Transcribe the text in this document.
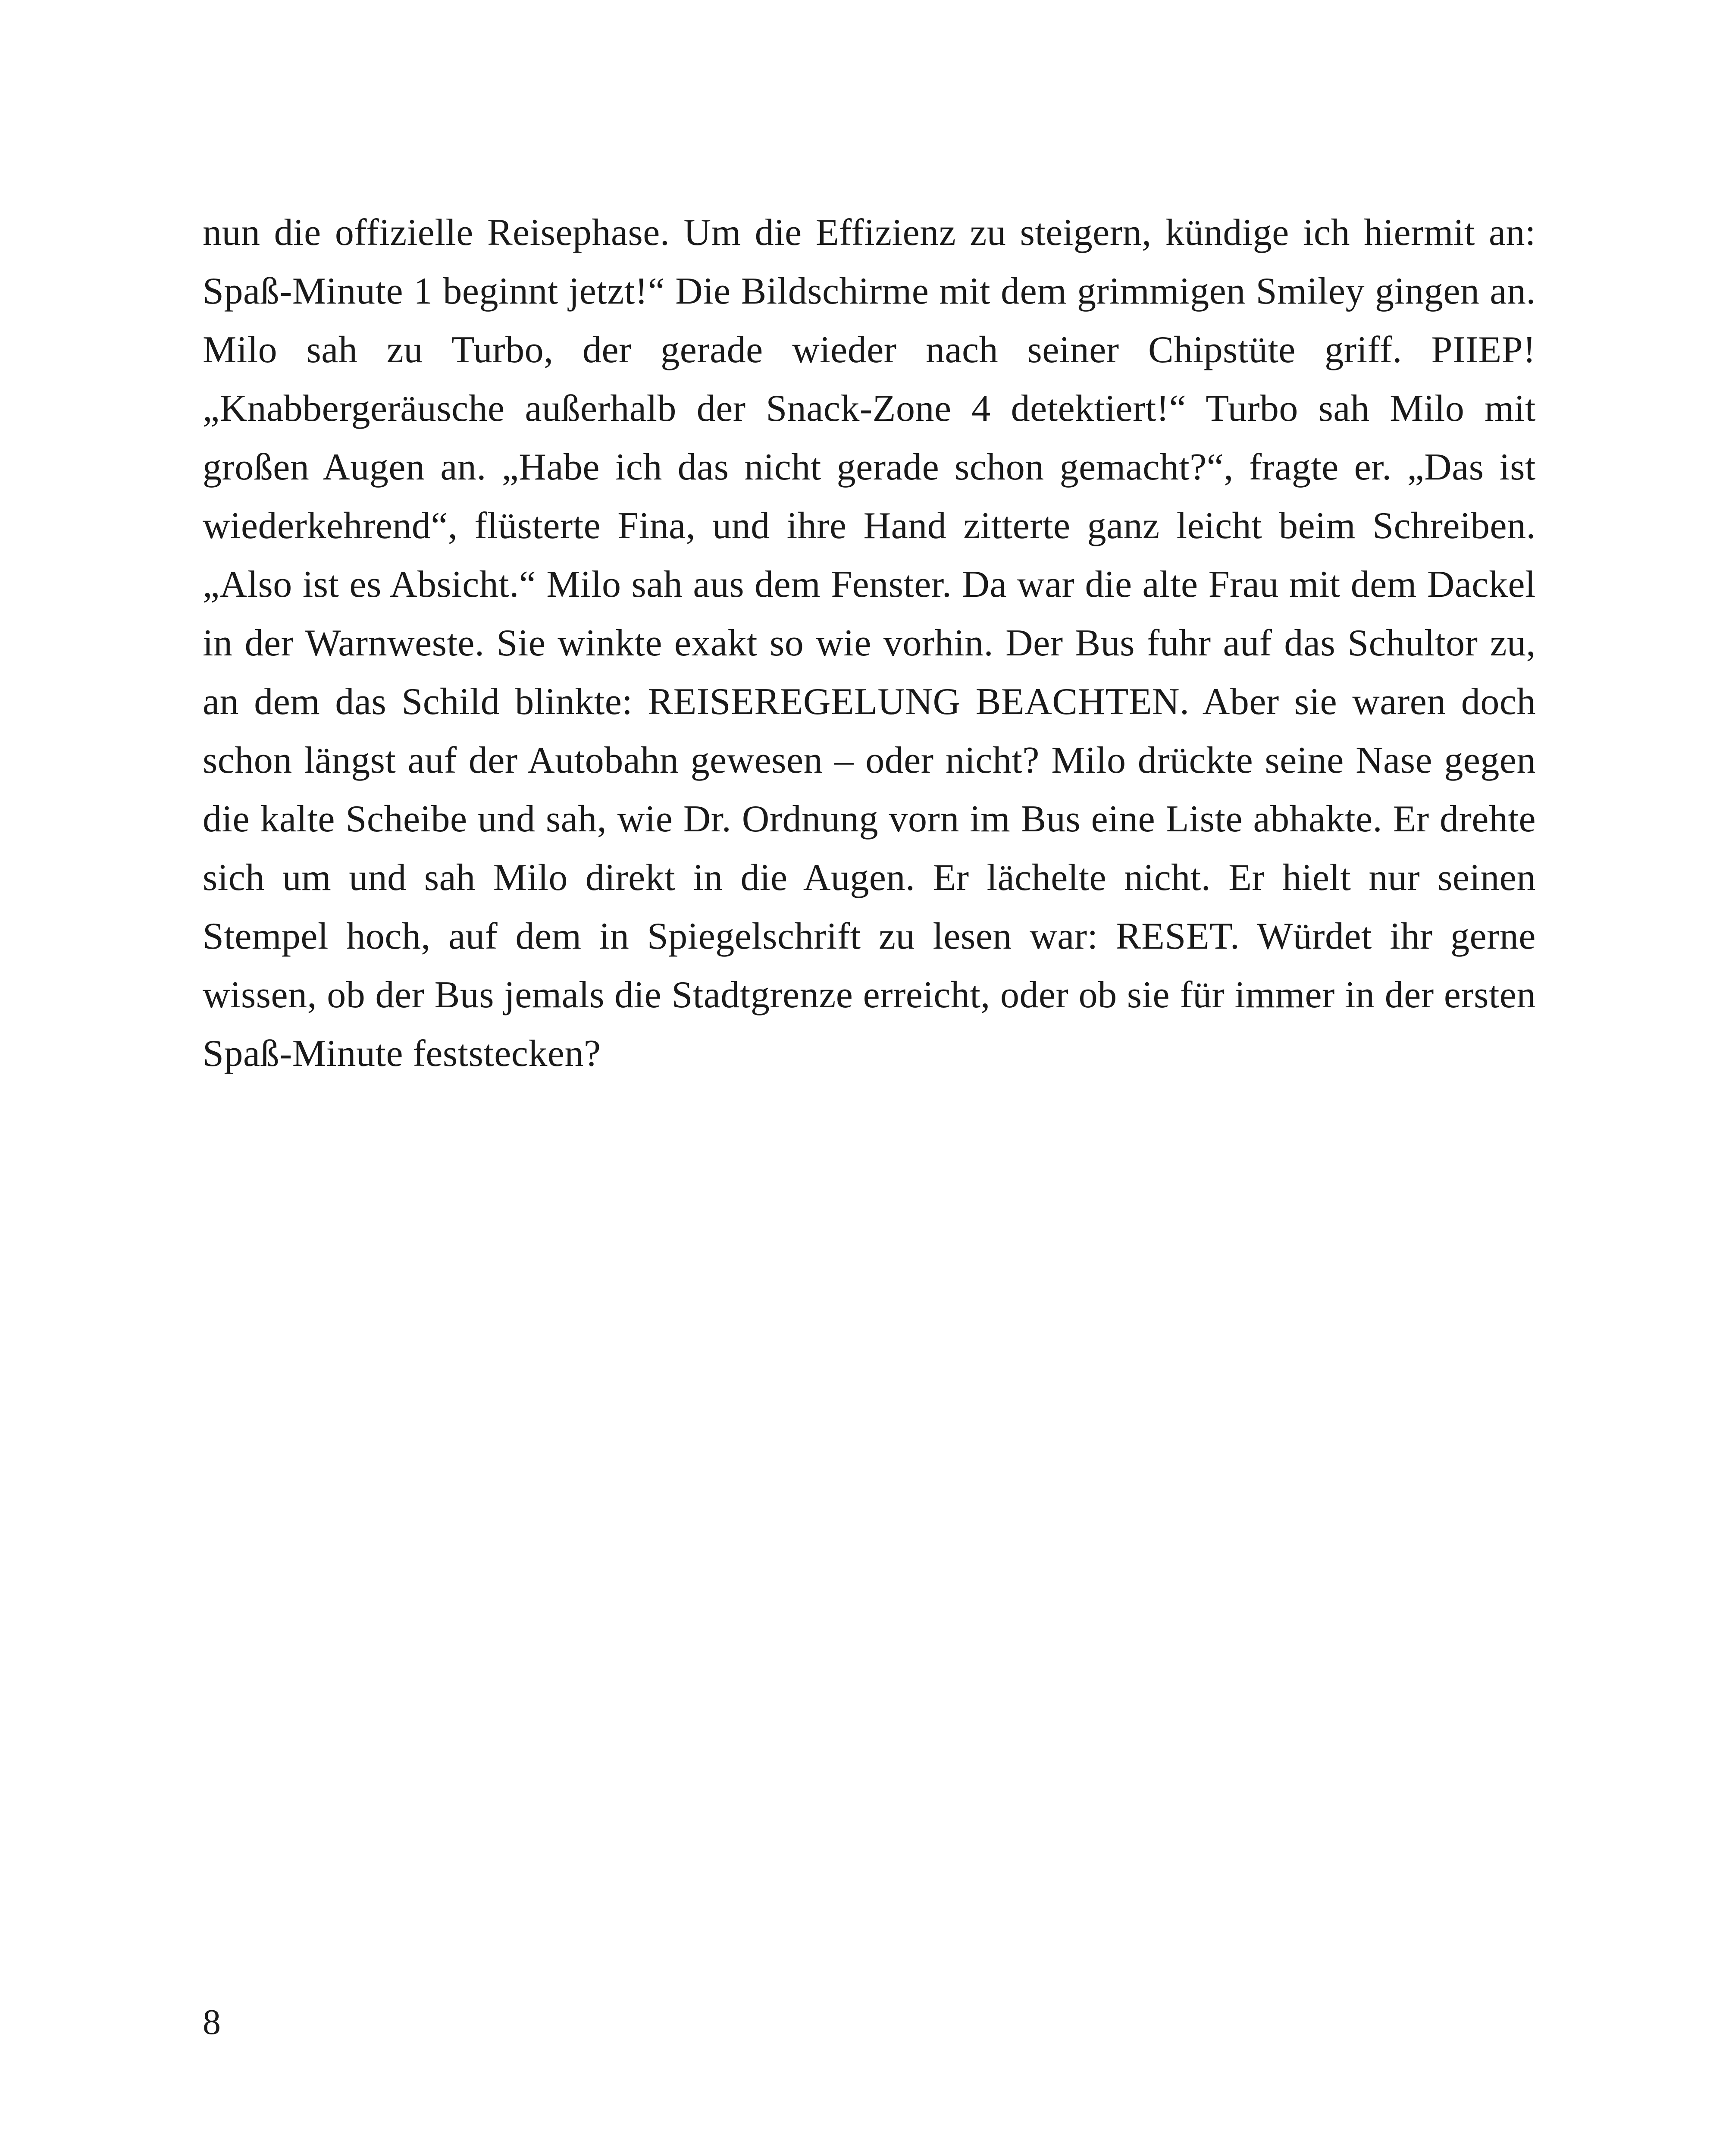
nun die offizielle Reisephase. Um die Effizienz zu steigern, kündige ich hiermit an: Spaß-Minute 1 beginnt jetzt!“ Die Bildschirme mit dem grimmigen Smiley gingen an. Milo sah zu Turbo, der gerade wieder nach seiner Chipstüte griff. PIIEP! „Knabbergeräusche außerhalb der Snack-Zone 4 detektiert!“ Turbo sah Milo mit großen Augen an. „Habe ich das nicht gerade schon gemacht?“, fragte er. „Das ist wiederkehrend“, flüsterte Fina, und ihre Hand zitterte ganz leicht beim Schreiben. „Also ist es Absicht.“ Milo sah aus dem Fenster. Da war die alte Frau mit dem Dackel in der Warnweste. Sie winkte exakt so wie vorhin. Der Bus fuhr auf das Schultor zu, an dem das Schild blinkte: REISEREGELUNG BEACHTEN. Aber sie waren doch schon längst auf der Autobahn gewesen – oder nicht? Milo drückte seine Nase gegen die kalte Scheibe und sah, wie Dr. Ordnung vorn im Bus eine Liste abhakte. Er drehte sich um und sah Milo direkt in die Augen. Er lächelte nicht. Er hielt nur seinen Stempel hoch, auf dem in Spiegelschrift zu lesen war: RESET. Würdet ihr gerne wissen, ob der Bus jemals die Stadtgrenze erreicht, oder ob sie für immer in der ersten Spaß-Minute feststecken?

8
